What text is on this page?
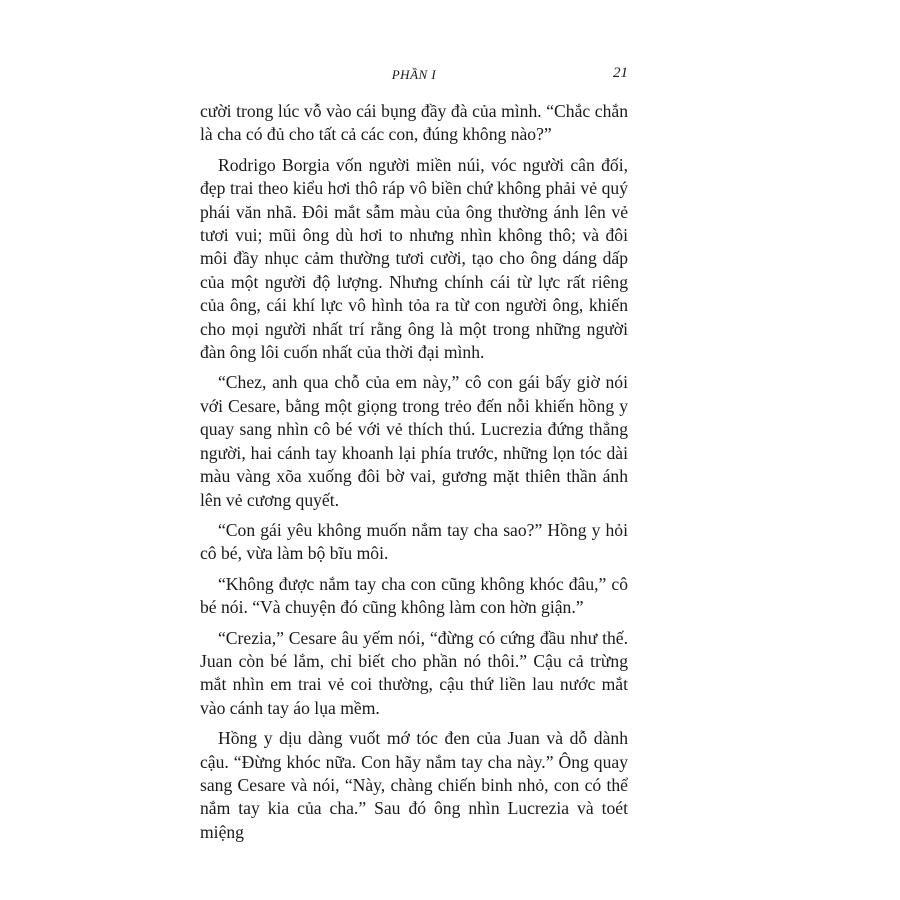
PHẦN I	21

cười trong lúc vỗ vào cái bụng đầy đà của mình. “Chắc chắn là cha có đủ cho tất cả các con, đúng không nào?”

Rodrigo Borgia vốn người miền núi, vóc người cân đối, đẹp trai theo kiểu hơi thô ráp vô biền chứ không phải vẻ quý phái văn nhã. Đôi mắt sẫm màu của ông thường ánh lên vẻ tươi vui; mũi ông dù hơi to nhưng nhìn không thô; và đôi môi đầy nhục cảm thường tươi cười, tạo cho ông dáng dấp của một người độ lượng. Nhưng chính cái từ lực rất riêng của ông, cái khí lực vô hình tỏa ra từ con người ông, khiến cho mọi người nhất trí rằng ông là một trong những người đàn ông lôi cuốn nhất của thời đại mình.

“Chez, anh qua chỗ của em này,” cô con gái bấy giờ nói với Cesare, bằng một giọng trong trẻo đến nỗi khiến hồng y quay sang nhìn cô bé với vẻ thích thú. Lucrezia đứng thẳng người, hai cánh tay khoanh lại phía trước, những lọn tóc dài màu vàng xõa xuống đôi bờ vai, gương mặt thiên thần ánh lên vẻ cương quyết.

“Con gái yêu không muốn nắm tay cha sao?” Hồng y hỏi cô bé, vừa làm bộ bĩu môi.

“Không được nắm tay cha con cũng không khóc đâu,” cô bé nói. “Và chuyện đó cũng không làm con hờn giận.”

“Crezia,” Cesare âu yếm nói, “đừng có cứng đầu như thế. Juan còn bé lắm, chỉ biết cho phần nó thôi.” Cậu cả trừng mắt nhìn em trai vẻ coi thường, cậu thứ liền lau nước mắt vào cánh tay áo lụa mềm.

Hồng y dịu dàng vuốt mớ tóc đen của Juan và dỗ dành cậu. “Đừng khóc nữa. Con hãy nắm tay cha này.” Ông quay sang Cesare và nói, “Này, chàng chiến binh nhỏ, con có thể nắm tay kia của cha.” Sau đó ông nhìn Lucrezia và toét miệng
